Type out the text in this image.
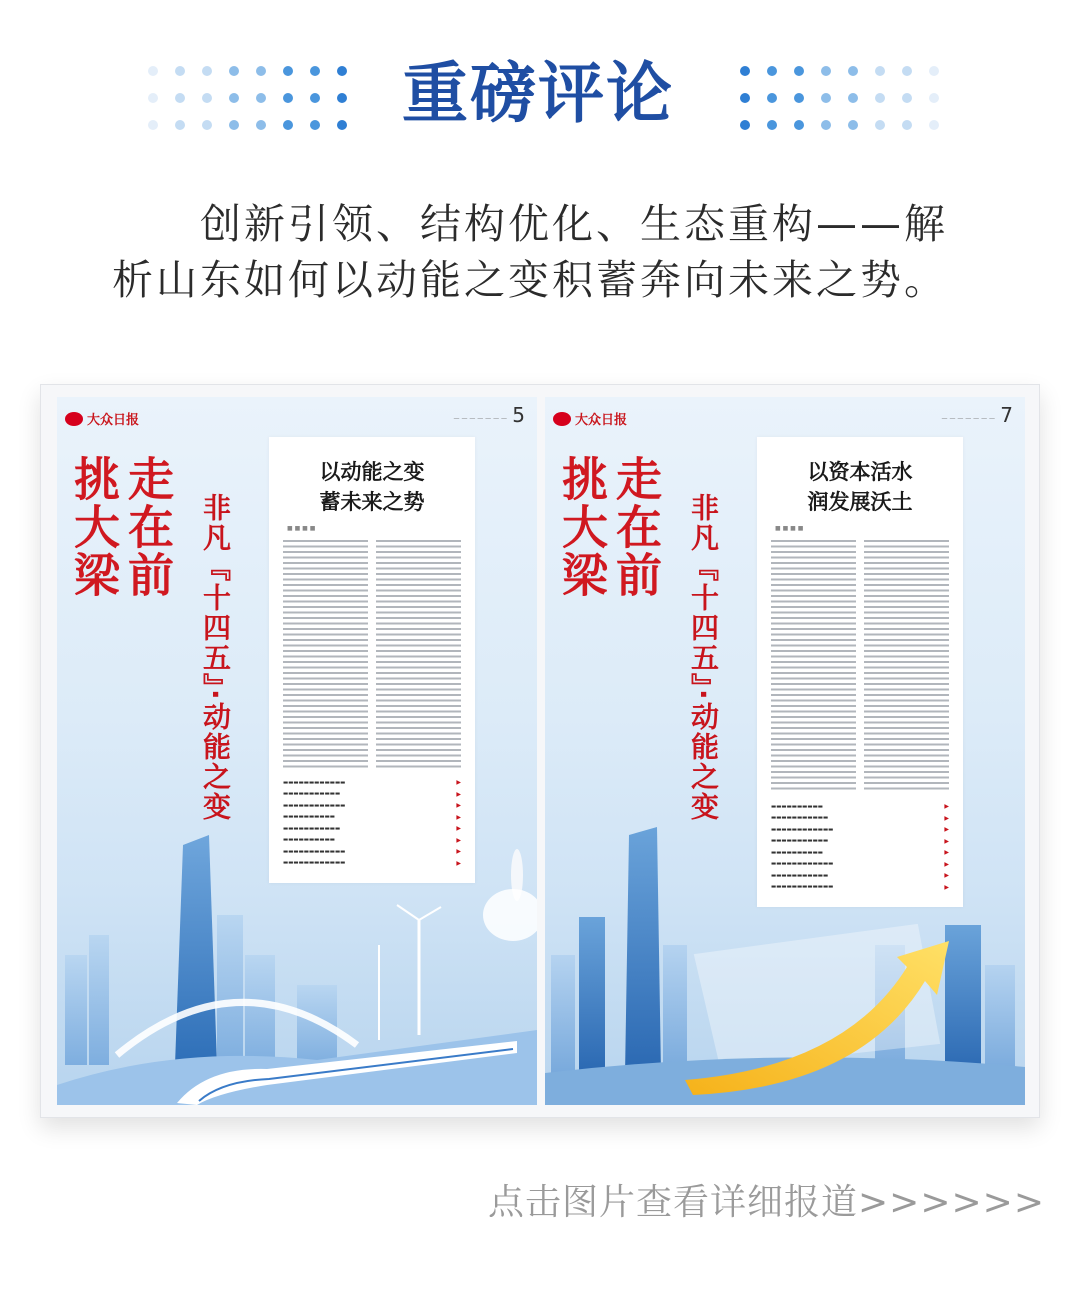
重磅评论

创新引领、结构优化、生态重构——解析山东如何以动能之变积蓄奔向未来之势。

大众日报	— — — — — — — 5
走在前
挑大梁	非凡『十四五』·动能之变
以动能之变
蓄未来之势
■ ■ ■ ■
▬▬▬▬▬▬▬▬▬▬▬▬	▶
▬▬▬▬▬▬▬▬▬▬▬	▶
▬▬▬▬▬▬▬▬▬▬▬▬	▶
▬▬▬▬▬▬▬▬▬▬	▶
▬▬▬▬▬▬▬▬▬▬▬	▶
▬▬▬▬▬▬▬▬▬▬	▶
▬▬▬▬▬▬▬▬▬▬▬▬	▶
▬▬▬▬▬▬▬▬▬▬▬▬	▶
大众日报	— — — — — — — 7
走在前
挑大梁	非凡『十四五』·动能之变
以资本活水
润发展沃土
■ ■ ■ ■
▬▬▬▬▬▬▬▬▬▬	▶
▬▬▬▬▬▬▬▬▬▬▬	▶
▬▬▬▬▬▬▬▬▬▬▬▬	▶
▬▬▬▬▬▬▬▬▬▬▬	▶
▬▬▬▬▬▬▬▬▬▬	▶
▬▬▬▬▬▬▬▬▬▬▬▬	▶
▬▬▬▬▬▬▬▬▬▬▬	▶
▬▬▬▬▬▬▬▬▬▬▬▬	▶
点击图片查看详细报道>>>>>>
